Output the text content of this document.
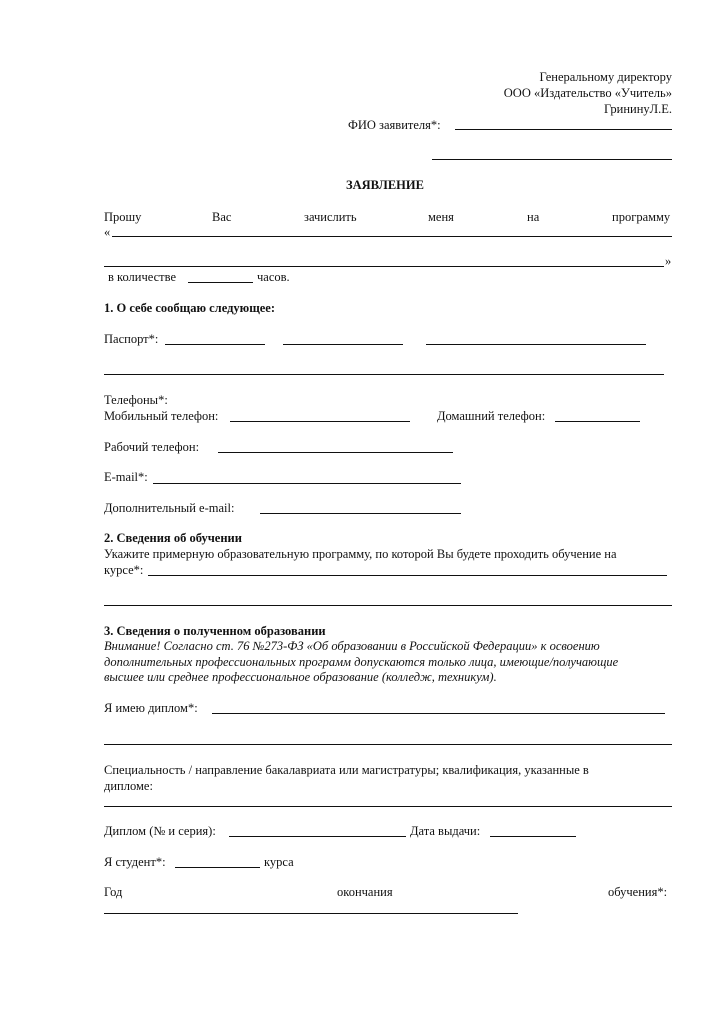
Генеральному директору
ООО «Издательство «Учитель»
ГрининуЛ.Е.
ФИО заявителя*:
ЗАЯВЛЕНИЕ
Прошу	Вас	зачислить	меня	на	программу
«
»
в количестве	часов.
1. О себе сообщаю следующее:
Паспорт*:
Телефоны*:
Мобильный телефон:	Домашний телефон:
Рабочий телефон:
E-mail*:
Дополнительный e-mail:
2. Сведения об обучении
Укажите примерную образовательную программу, по которой Вы будете проходить обучение на
курсе*:
3. Сведения о полученном образовании
Внимание! Согласно ст. 76 №273-ФЗ «Об образовании в Российской Федерации» к освоению
дополнительных профессиональных программ допускаются только лица, имеющие/получающие
высшее или среднее профессиональное образование (колледж, техникум).
Я имею диплом*:
Специальность / направление бакалавриата или магистратуры; квалификация, указанные в
дипломе:
Диплом (№ и серия):	Дата выдачи:
Я студент*:	курса
Год	окончания	обучения*:
